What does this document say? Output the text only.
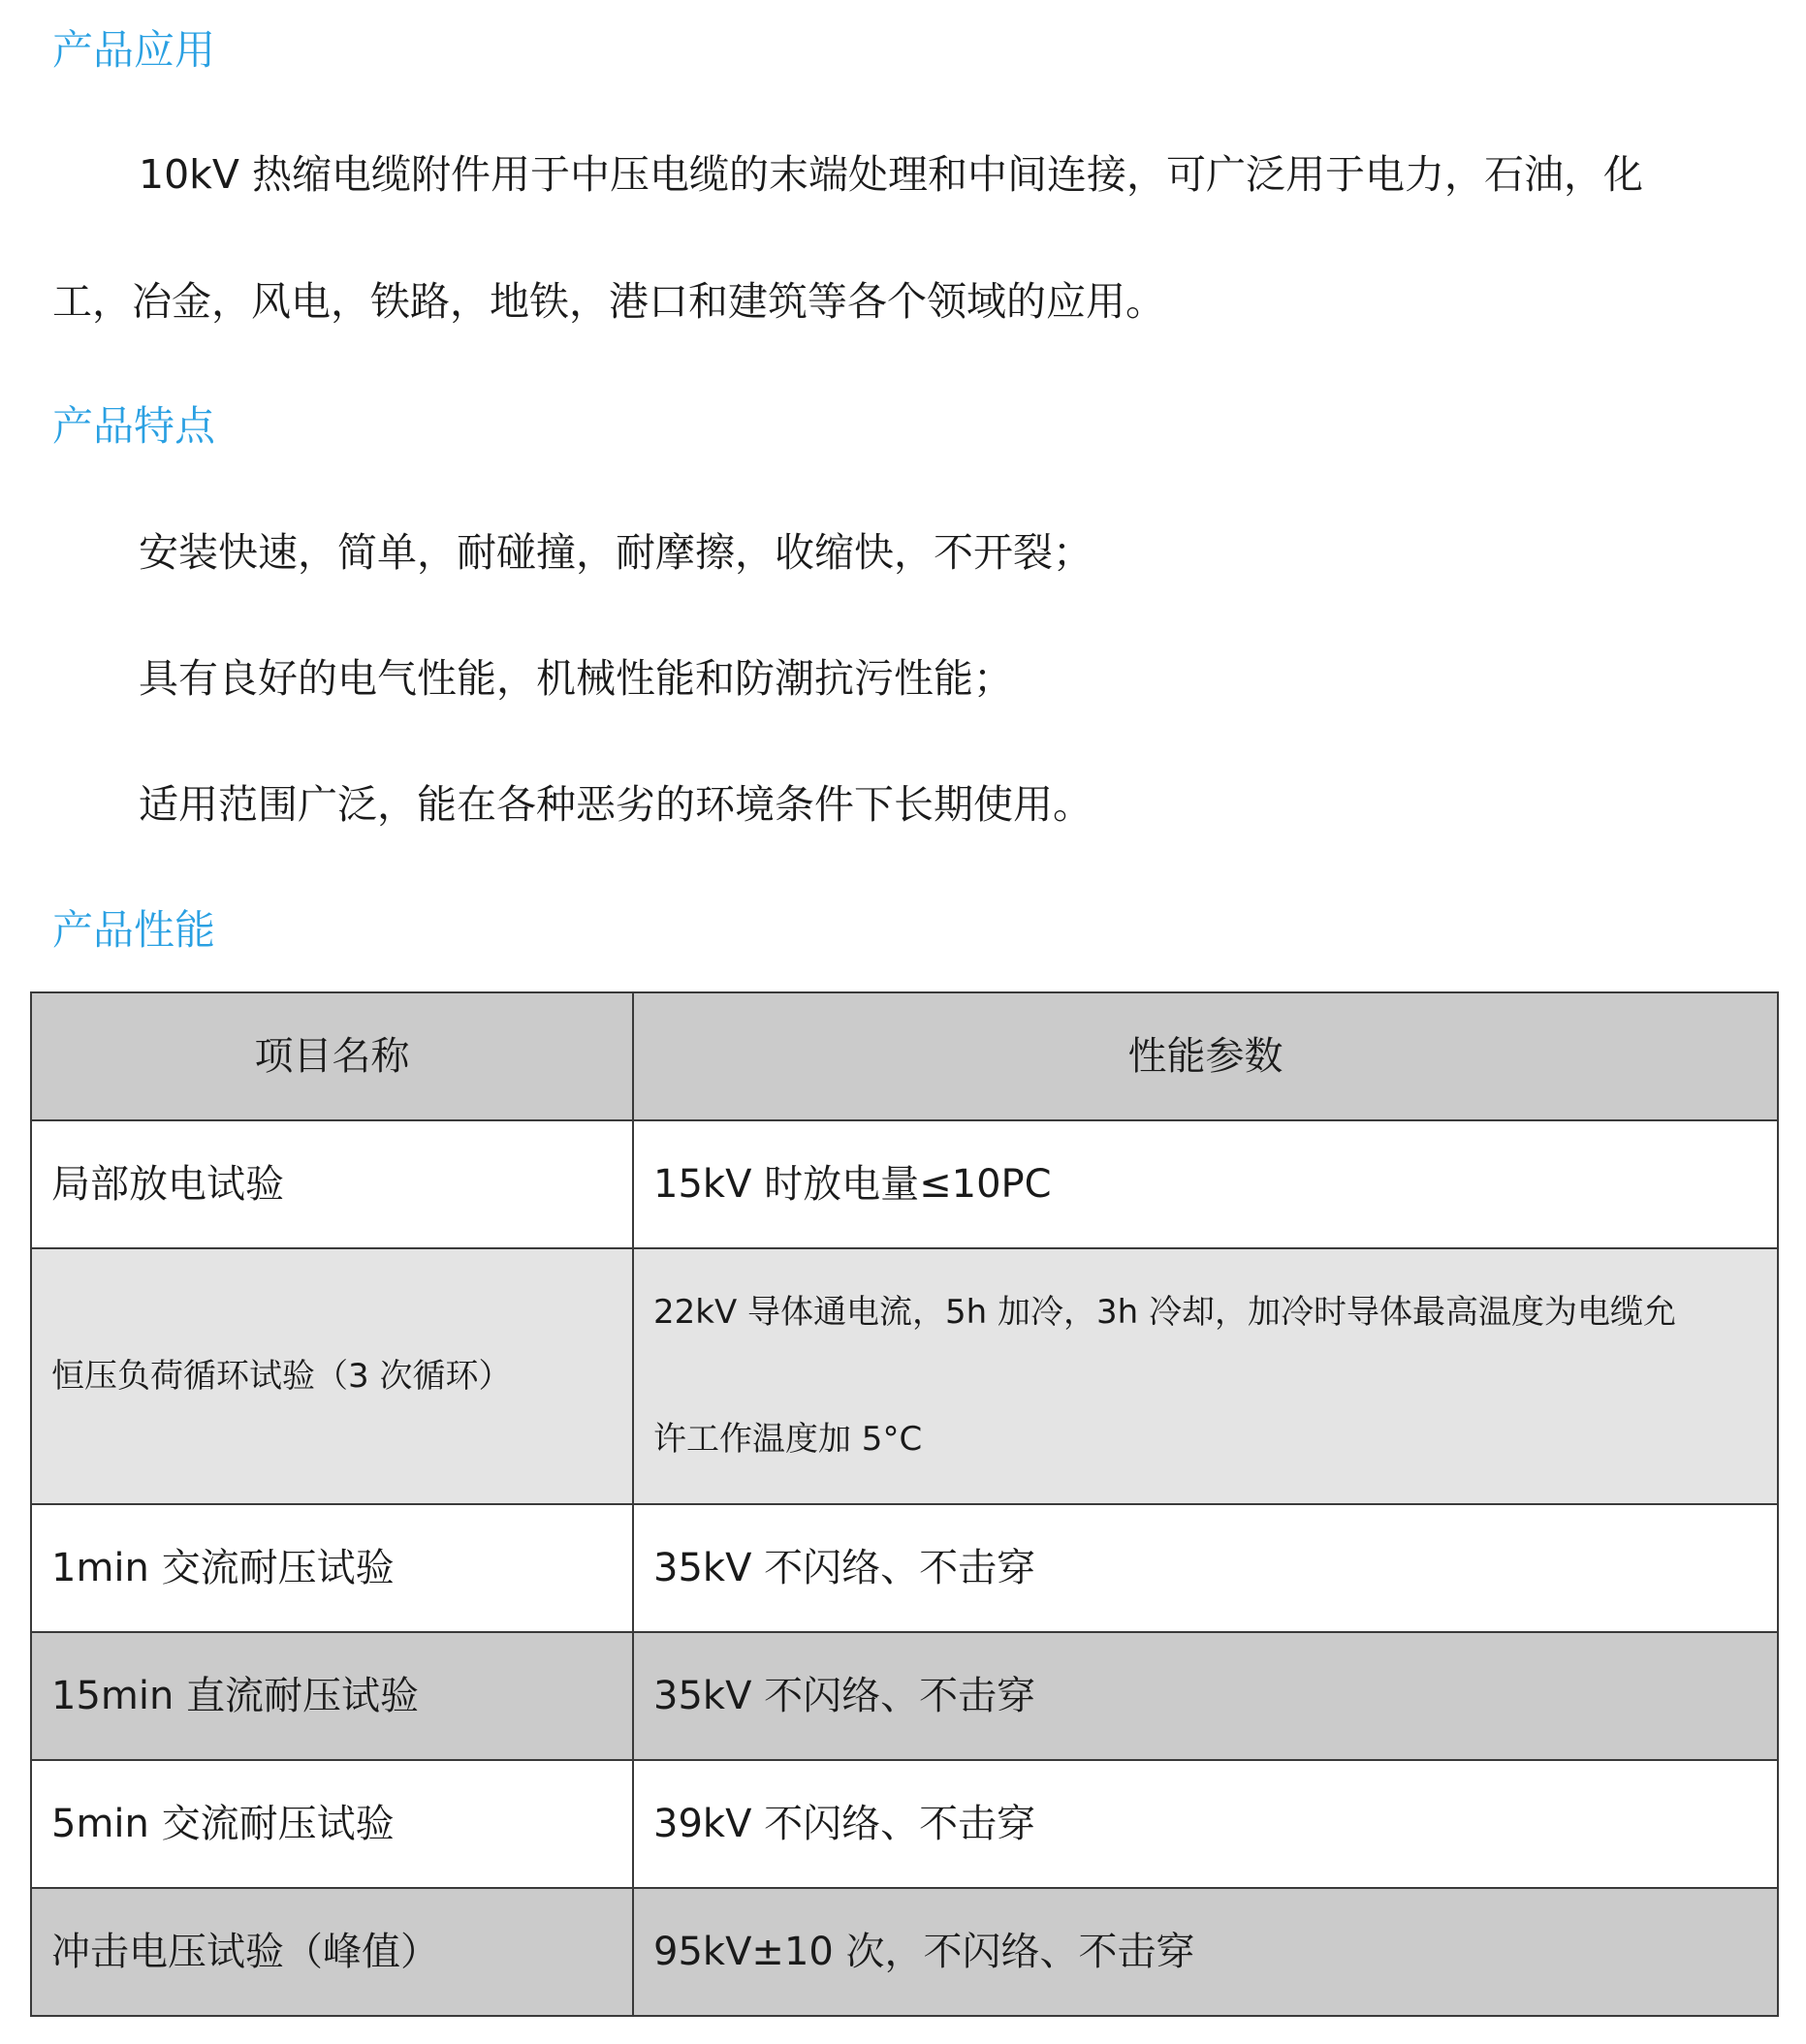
产品应用
10kV 热缩电缆附件用于中压电缆的末端处理和中间连接，可广泛用于电力，石油，化
工，冶金，风电，铁路，地铁，港口和建筑等各个领域的应用。
产品特点
安装快速，简单，耐碰撞，耐摩擦，收缩快，不开裂；
具有良好的电气性能，机械性能和防潮抗污性能；
适用范围广泛，能在各种恶劣的环境条件下长期使用。
产品性能
项目名称	性能参数
局部放电试验	15kV 时放电量≤10PC
恒压负荷循环试验（3 次循环）	22kV 导体通电流，5h 加冷，3h 冷却，加冷时导体最高温度为电缆允
许工作温度加 5°C

1min 交流耐压试验	35kV 不闪络、不击穿
15min 直流耐压试验	35kV 不闪络、不击穿
5min 交流耐压试验	39kV 不闪络、不击穿
冲击电压试验（峰值）	95kV±10 次，不闪络、不击穿
